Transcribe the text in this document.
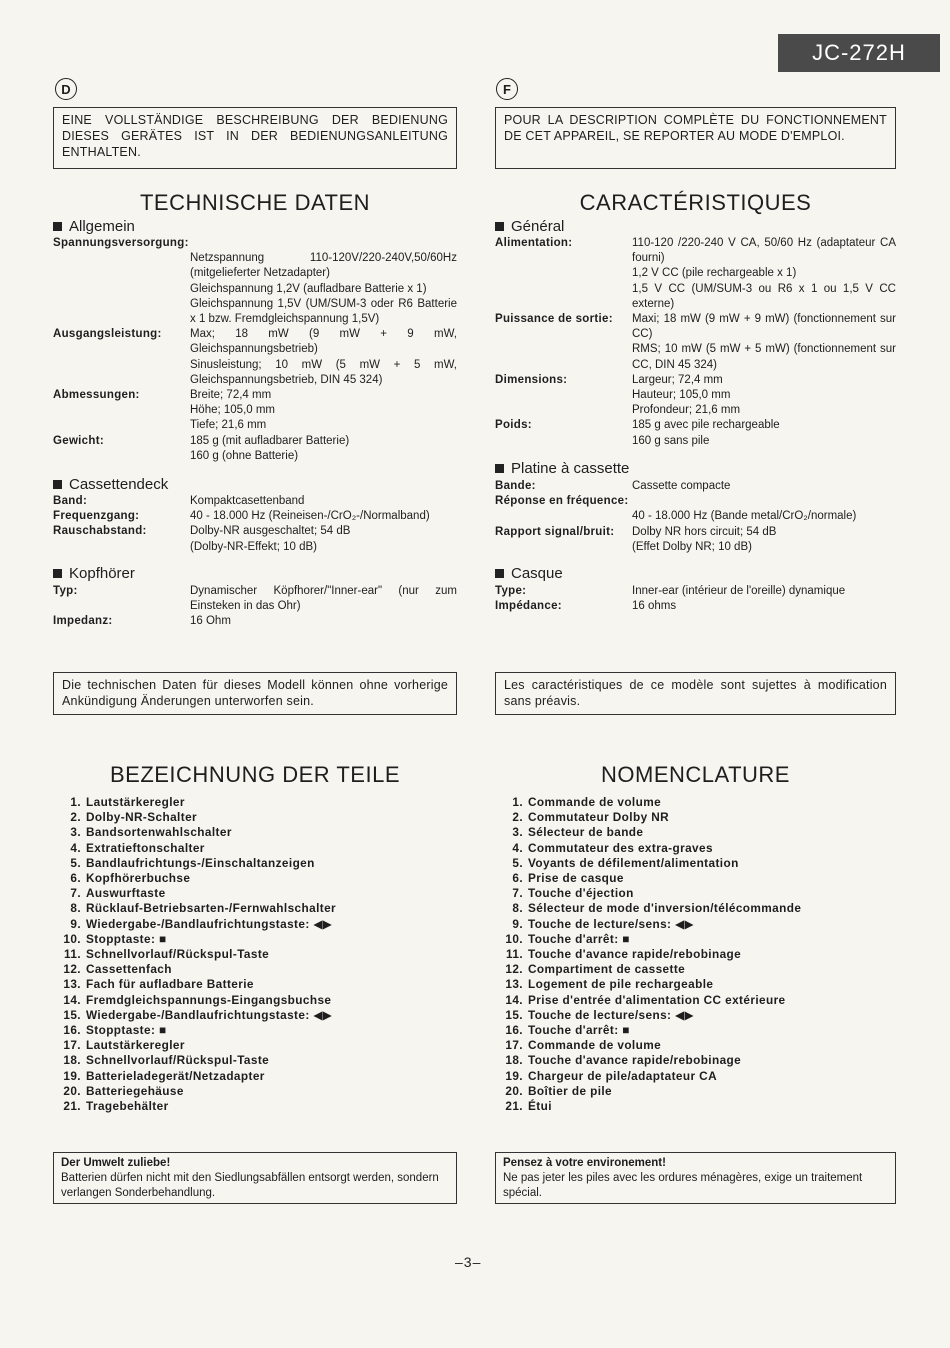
JC-272H
D	F
EINE VOLLSTÄNDIGE BESCHREIBUNG DER BEDIENUNG DIESES GERÄTES IST IN DER BEDIENUNGSANLEITUNG ENTHALTEN.
TECHNISCHE DATEN
Allgemein
Spannungsversorgung:
Netzspannung 110-120V/220-240V,50/60Hz (mitgelieferter Netzadapter)
Gleichspannung 1,2V (aufladbare Batterie x 1)
Gleichspannung 1,5V (UM/SUM-3 oder R6 Batterie x 1 bzw. Fremdgleichspannung 1,5V)
Ausgangsleistung:	Max; 18 mW (9 mW + 9 mW, Gleichspannungsbetrieb)
Sinusleistung; 10 mW (5 mW + 5 mW, Gleichspannungsbetrieb, DIN 45 324)
Abmessungen:	Breite; 72,4 mm
Höhe; 105,0 mm
Tiefe; 21,6 mm
Gewicht:	185 g (mit aufladbarer Batterie)
160 g (ohne Batterie)
Cassettendeck
Band:	Kompaktcasettenband
Frequenzgang:	40 - 18.000 Hz (Reineisen-/CrO₂-/Normalband)
Rauschabstand:	Dolby-NR ausgeschaltet; 54 dB
(Dolby-NR-Effekt; 10 dB)
Kopfhörer
Typ:	Dynamischer Köpfhorer/"Inner-ear" (nur zum Einsteken in das Ohr)
Impedanz:	16 Ohm
Die technischen Daten für dieses Modell können ohne vorherige Ankündigung Änderungen unterworfen sein.
BEZEICHNUNG DER TEILE
1. Lautstärkeregler
2. Dolby-NR-Schalter
3. Bandsortenwahlschalter
4. Extratieftonschalter
5. Bandlaufrichtungs-/Einschaltanzeigen
6. Kopfhörerbuchse
7. Auswurftaste
8. Rücklauf-Betriebsarten-/Fernwahlschalter
9. Wiedergabe-/Bandlaufrichtungstaste: ◀▶
10. Stopptaste: ■
11. Schnellvorlauf/Rückspul-Taste
12. Cassettenfach
13. Fach für aufladbare Batterie
14. Fremdgleichspannungs-Eingangsbuchse
15. Wiedergabe-/Bandlaufrichtungstaste: ◀▶
16. Stopptaste: ■
17. Lautstärkeregler
18. Schnellvorlauf/Rückspul-Taste
19. Batterieladegerät/Netzadapter
20. Batteriegehäuse
21. Tragebehälter
Der Umwelt zuliebe!
Batterien dürfen nicht mit den Siedlungsabfällen entsorgt werden, sondern verlangen Sonderbehandlung.
POUR LA DESCRIPTION COMPLÈTE DU FONCTIONNEMENT DE CET APPAREIL, SE REPORTER AU MODE D'EMPLOI.
CARACTÉRISTIQUES
Général
Alimentation:	110-120 /220-240 V CA, 50/60 Hz (adaptateur CA fourni)
1,2 V CC (pile rechargeable x 1)
1,5 V CC (UM/SUM-3 ou R6 x 1 ou 1,5 V CC externe)
Puissance de sortie:	Maxi; 18 mW (9 mW + 9 mW) (fonctionnement sur CC)
RMS; 10 mW (5 mW + 5 mW) (fonctionnement sur CC, DIN 45 324)
Dimensions:	Largeur; 72,4 mm
Hauteur; 105,0 mm
Profondeur; 21,6 mm
Poids:	185 g avec pile rechargeable
160 g sans pile
Platine à cassette
Bande:	Cassette compacte
Réponse en fréquence:
40 - 18.000 Hz (Bande metal/CrO₂/normale)
Rapport signal/bruit:	Dolby NR hors circuit; 54 dB
(Effet Dolby NR; 10 dB)
Casque
Type:	Inner-ear (intérieur de l'oreille) dynamique
Impédance:	16 ohms
Les caractéristiques de ce modèle sont sujettes à modification sans préavis.
NOMENCLATURE
1. Commande de volume
2. Commutateur Dolby NR
3. Sélecteur de bande
4. Commutateur des extra-graves
5. Voyants de défilement/alimentation
6. Prise de casque
7. Touche d'éjection
8. Sélecteur de mode d'inversion/télécommande
9. Touche de lecture/sens: ◀▶
10. Touche d'arrêt: ■
11. Touche d'avance rapide/rebobinage
12. Compartiment de cassette
13. Logement de pile rechargeable
14. Prise d'entrée d'alimentation CC extérieure
15. Touche de lecture/sens: ◀▶
16. Touche d'arrêt: ■
17. Commande de volume
18. Touche d'avance rapide/rebobinage
19. Chargeur de pile/adaptateur CA
20. Boîtier de pile
21. Étui
Pensez à votre environement!
Ne pas jeter les piles avec les ordures ménagères, exige un traitement spécial.
–3–
